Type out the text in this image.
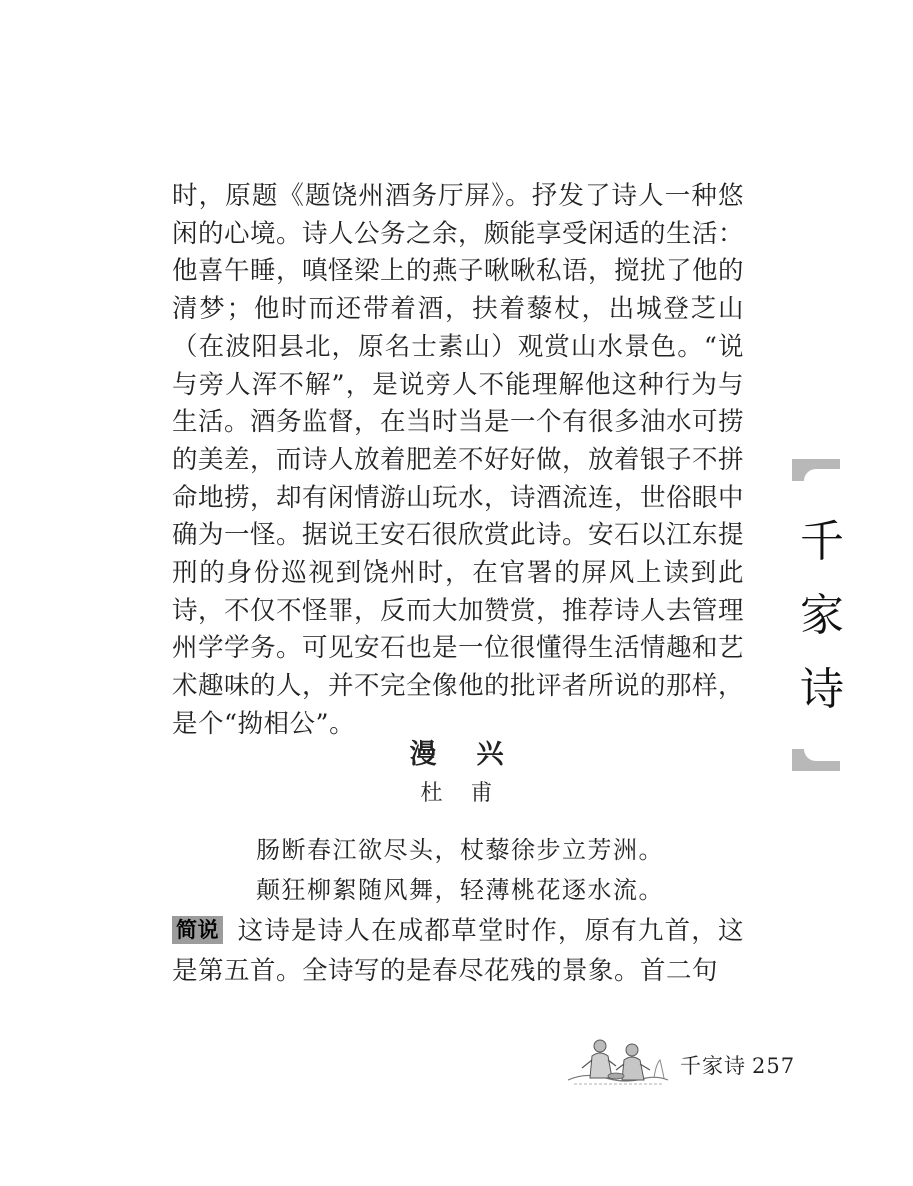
时，原题《题饶州酒务厅屏》。抒发了诗人一种悠闲的心境。诗人公务之余，颇能享受闲适的生活：他喜午睡，嗔怪梁上的燕子啾啾私语，搅扰了他的清梦；他时而还带着酒，扶着藜杖，出城登芝山（在波阳县北，原名士素山）观赏山水景色。“说与旁人浑不解”，是说旁人不能理解他这种行为与生活。酒务监督，在当时当是一个有很多油水可捞的美差，而诗人放着肥差不好好做，放着银子不拼命地捞，却有闲情游山玩水，诗酒流连，世俗眼中确为一怪。据说王安石很欣赏此诗。安石以江东提刑的身份巡视到饶州时，在官署的屏风上读到此诗，不仅不怪罪，反而大加赞赏，推荐诗人去管理州学学务。可见安石也是一位很懂得生活情趣和艺术趣味的人，并不完全像他的批评者所说的那样，是个“拗相公”。

漫兴
杜甫
肠断春江欲尽头，杖藜徐步立芳洲。
颠狂柳絮随风舞，轻薄桃花逐水流。

简说 这诗是诗人在成都草堂时作，原有九首，这是第五首。全诗写的是春尽花残的景象。首二句

千
家
诗
千家诗 257
